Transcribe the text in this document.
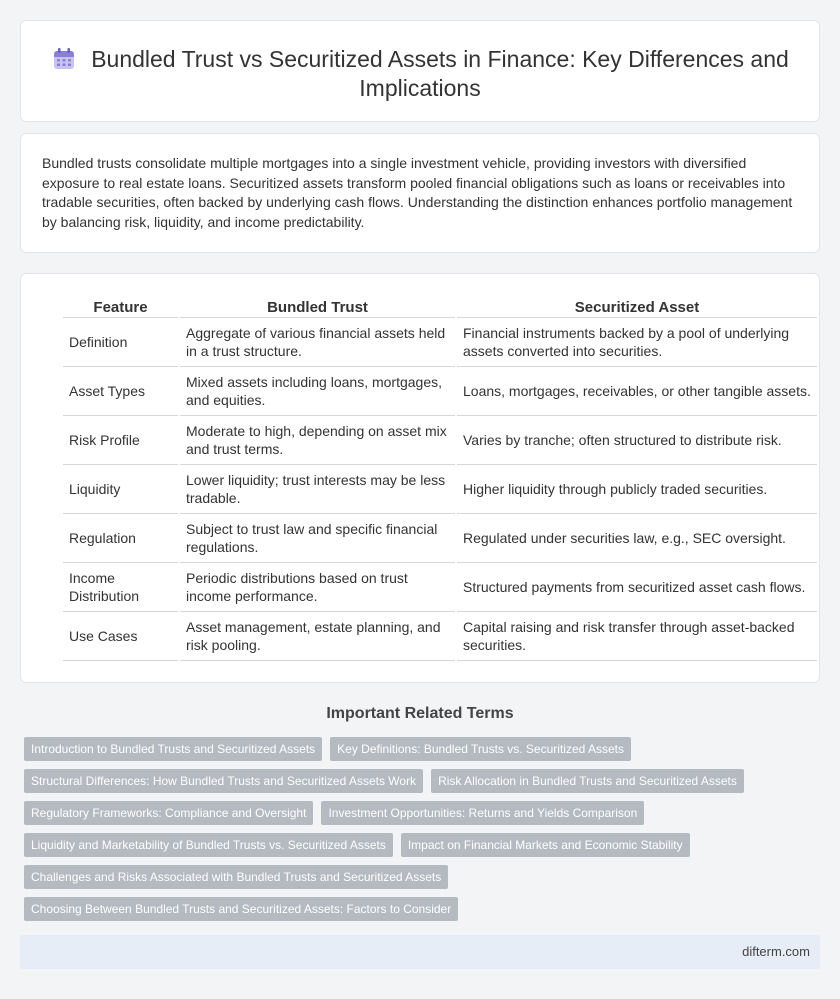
Bundled Trust vs Securitized Assets in Finance: Key Differences and Implications

Bundled trusts consolidate multiple mortgages into a single investment vehicle, providing investors with diversified exposure to real estate loans. Securitized assets transform pooled financial obligations such as loans or receivables into tradable securities, often backed by underlying cash flows. Understanding the distinction enhances portfolio management by balancing risk, liquidity, and income predictability.

Feature	Bundled Trust	Securitized Asset
Definition	Aggregate of various financial assets held in a trust structure.	Financial instruments backed by a pool of underlying assets converted into securities.
Asset Types	Mixed assets including loans, mortgages, and equities.	Loans, mortgages, receivables, or other tangible assets.
Risk Profile	Moderate to high, depending on asset mix and trust terms.	Varies by tranche; often structured to distribute risk.
Liquidity	Lower liquidity; trust interests may be less tradable.	Higher liquidity through publicly traded securities.
Regulation	Subject to trust law and specific financial regulations.	Regulated under securities law, e.g., SEC oversight.
Income Distribution	Periodic distributions based on trust income performance.	Structured payments from securitized asset cash flows.
Use Cases	Asset management, estate planning, and risk pooling.	Capital raising and risk transfer through asset-backed securities.
Important Related Terms
Introduction to Bundled Trusts and Securitized Assets	Key Definitions: Bundled Trusts vs. Securitized Assets
Structural Differences: How Bundled Trusts and Securitized Assets Work	Risk Allocation in Bundled Trusts and Securitized Assets
Regulatory Frameworks: Compliance and Oversight	Investment Opportunities: Returns and Yields Comparison
Liquidity and Marketability of Bundled Trusts vs. Securitized Assets	Impact on Financial Markets and Economic Stability
Challenges and Risks Associated with Bundled Trusts and Securitized Assets
Choosing Between Bundled Trusts and Securitized Assets: Factors to Consider
difterm.com
